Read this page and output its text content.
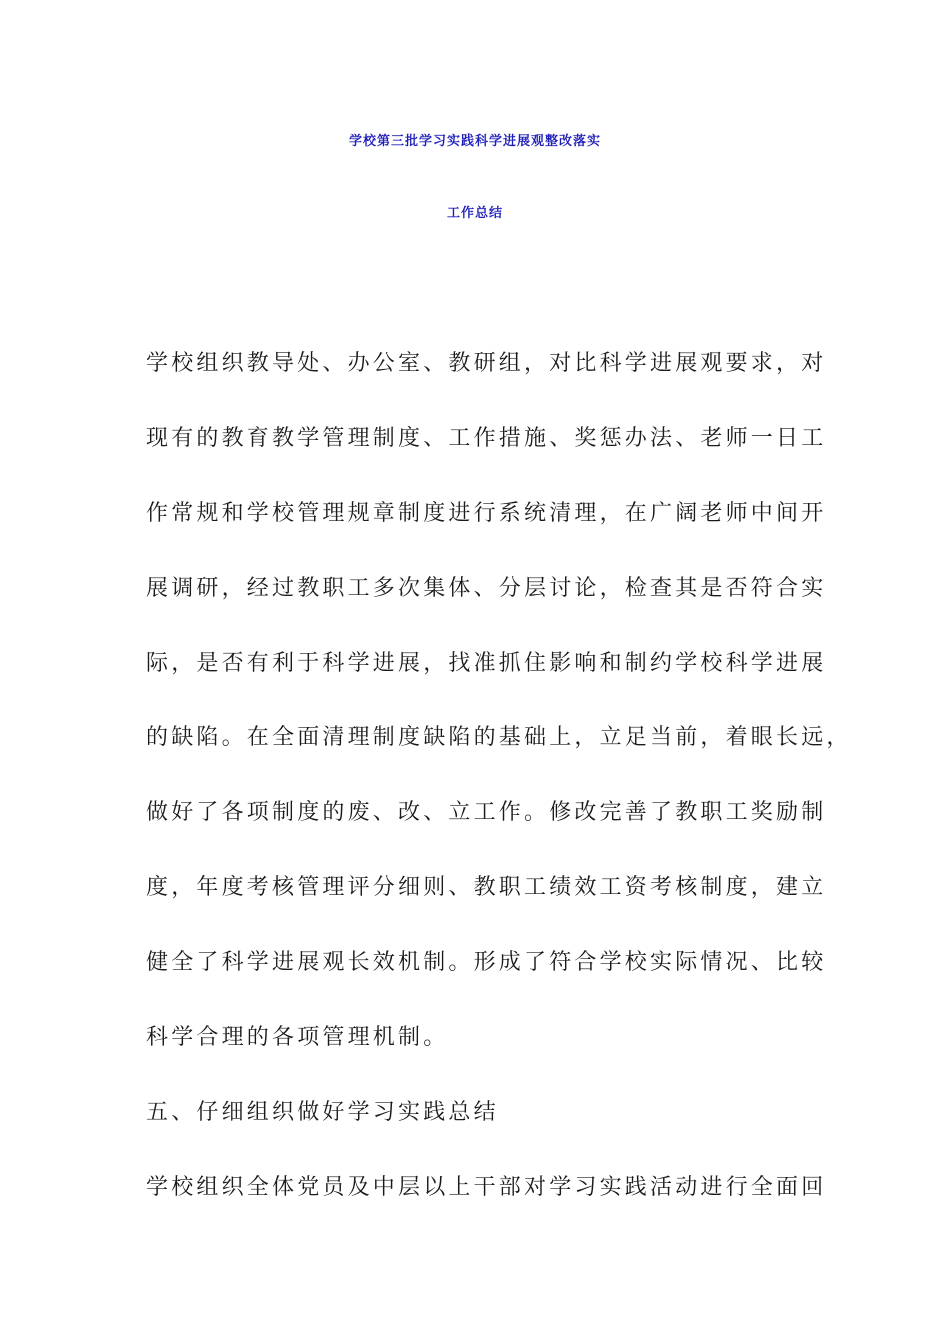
学校第三批学习实践科学进展观整改落实
工作总结
学校组织教导处、办公室、教研组，对比科学进展观要求，对
现有的教育教学管理制度、工作措施、奖惩办法、老师一日工
作常规和学校管理规章制度进行系统清理，在广阔老师中间开
展调研，经过教职工多次集体、分层讨论，检查其是否符合实
际，是否有利于科学进展，找准抓住影响和制约学校科学进展
的缺陷。在全面清理制度缺陷的基础上，立足当前，着眼长远，
做好了各项制度的废、改、立工作。修改完善了教职工奖励制
度，年度考核管理评分细则、教职工绩效工资考核制度，建立
健全了科学进展观长效机制。形成了符合学校实际情况、比较
科学合理的各项管理机制。
五、仔细组织做好学习实践总结
学校组织全体党员及中层以上干部对学习实践活动进行全面回
